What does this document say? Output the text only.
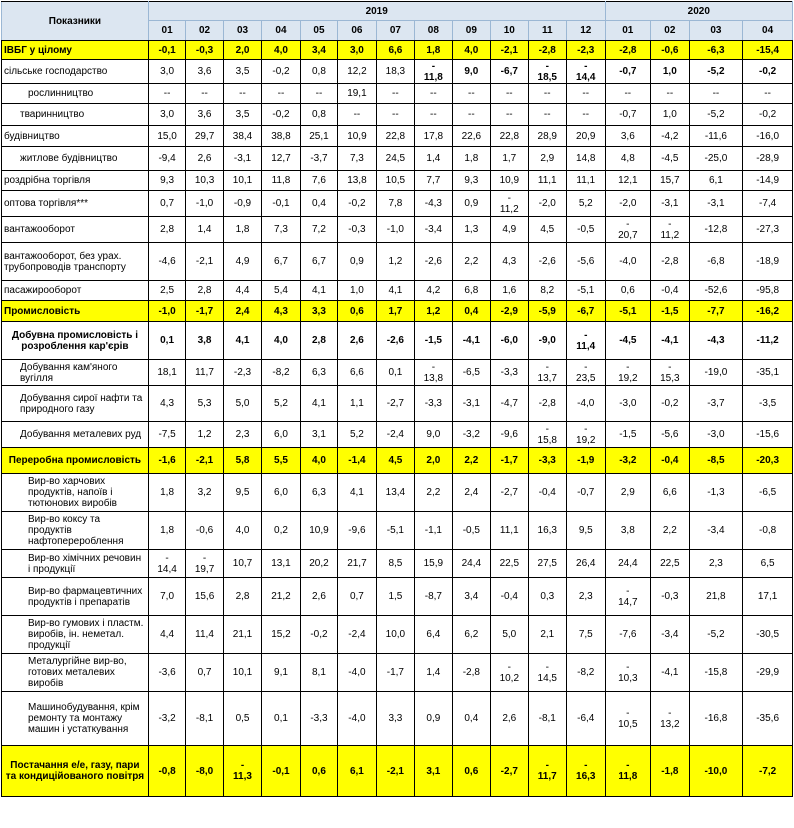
Показники	2019												2020			
	01	02	03	04	05	06	07	08	09	10	11	12	01	02	03	04
ІВБГ у цілому	-0,1	-0,3	2,0	4,0	3,4	3,0	6,6	1,8	4,0	-2,1	-2,8	-2,3	-2,8	-0,6	-6,3	-15,4
сільське господарство	3,0	3,6	3,5	-0,2	0,8	12,2	18,3	-
11,8	9,0	-6,7	-
18,5	-
14,4	-0,7	1,0	-5,2	-0,2
рослинництво	--	--	--	--	--	19,1	--	--	--	--	--	--	--	--	--	--
тваринництво	3,0	3,6	3,5	-0,2	0,8	--	--	--	--	--	--	--	-0,7	1,0	-5,2	-0,2
будівництво	15,0	29,7	38,4	38,8	25,1	10,9	22,8	17,8	22,6	22,8	28,9	20,9	3,6	-4,2	-11,6	-16,0
житлове будівництво	-9,4	2,6	-3,1	12,7	-3,7	7,3	24,5	1,4	1,8	1,7	2,9	14,8	4,8	-4,5	-25,0	-28,9
роздрібна торгівля	9,3	10,3	10,1	11,8	7,6	13,8	10,5	7,7	9,3	10,9	11,1	11,1	12,1	15,7	6,1	-14,9
оптова торгівля***	0,7	-1,0	-0,9	-0,1	0,4	-0,2	7,8	-4,3	0,9	-
11,2	-2,0	5,2	-2,0	-3,1	-3,1	-7,4
вантажооборот	2,8	1,4	1,8	7,3	7,2	-0,3	-1,0	-3,4	1,3	4,9	4,5	-0,5	-
20,7	-
11,2	-12,8	-27,3
вантажооборот, без урах. трубопроводів транспорту	-4,6	-2,1	4,9	6,7	6,7	0,9	1,2	-2,6	2,2	4,3	-2,6	-5,6	-4,0	-2,8	-6,8	-18,9
пасажирооборот	2,5	2,8	4,4	5,4	4,1	1,0	4,1	4,2	6,8	1,6	8,2	-5,1	0,6	-0,4	-52,6	-95,8
Промисловість	-1,0	-1,7	2,4	4,3	3,3	0,6	1,7	1,2	0,4	-2,9	-5,9	-6,7	-5,1	-1,5	-7,7	-16,2
Добувна промисловість і розроблення кар'єрів	0,1	3,8	4,1	4,0	2,8	2,6	-2,6	-1,5	-4,1	-6,0	-9,0	-
11,4	-4,5	-4,1	-4,3	-11,2
Добування кам'яного вугілля	18,1	11,7	-2,3	-8,2	6,3	6,6	0,1	-
13,8	-6,5	-3,3	-
13,7	-
23,5	-
19,2	-
15,3	-19,0	-35,1
Добування сирої нафти та природного газу	4,3	5,3	5,0	5,2	4,1	1,1	-2,7	-3,3	-3,1	-4,7	-2,8	-4,0	-3,0	-0,2	-3,7	-3,5
Добування металевих руд	-7,5	1,2	2,3	6,0	3,1	5,2	-2,4	9,0	-3,2	-9,6	-
15,8	-
19,2	-1,5	-5,6	-3,0	-15,6
Переробна промисловість	-1,6	-2,1	5,8	5,5	4,0	-1,4	4,5	2,0	2,2	-1,7	-3,3	-1,9	-3,2	-0,4	-8,5	-20,3
Вир-во харчових продуктів, напоїв і тютюнових виробів	1,8	3,2	9,5	6,0	6,3	4,1	13,4	2,2	2,4	-2,7	-0,4	-0,7	2,9	6,6	-1,3	-6,5
Вир-во коксу та продуктів нафтоперероблення	1,8	-0,6	4,0	0,2	10,9	-9,6	-5,1	-1,1	-0,5	11,1	16,3	9,5	3,8	2,2	-3,4	-0,8
Вир-во хімічних речовин і продукції	-
14,4	-
19,7	10,7	13,1	20,2	21,7	8,5	15,9	24,4	22,5	27,5	26,4	24,4	22,5	2,3	6,5
Вир-во фармацевтичних продуктів і препаратів	7,0	15,6	2,8	21,2	2,6	0,7	1,5	-8,7	3,4	-0,4	0,3	2,3	-
14,7	-0,3	21,8	17,1
Вир-во гумових і пластм. виробів, ін. неметал. продукції	4,4	11,4	21,1	15,2	-0,2	-2,4	10,0	6,4	6,2	5,0	2,1	7,5	-7,6	-3,4	-5,2	-30,5
Металургійне вир-во, готових металевих виробів	-3,6	0,7	10,1	9,1	8,1	-4,0	-1,7	1,4	-2,8	-
10,2	-
14,5	-8,2	-
10,3	-4,1	-15,8	-29,9
Машинобудування, крім ремонту та монтажу машин і устаткування	-3,2	-8,1	0,5	0,1	-3,3	-4,0	3,3	0,9	0,4	2,6	-8,1	-6,4	-
10,5	-
13,2	-16,8	-35,6
Постачання е/е, газу, пари та кондиційованого повітря	-0,8	-8,0	-
11,3	-0,1	0,6	6,1	-2,1	3,1	0,6	-2,7	-
11,7	-
16,3	-
11,8	-1,8	-10,0	-7,2
